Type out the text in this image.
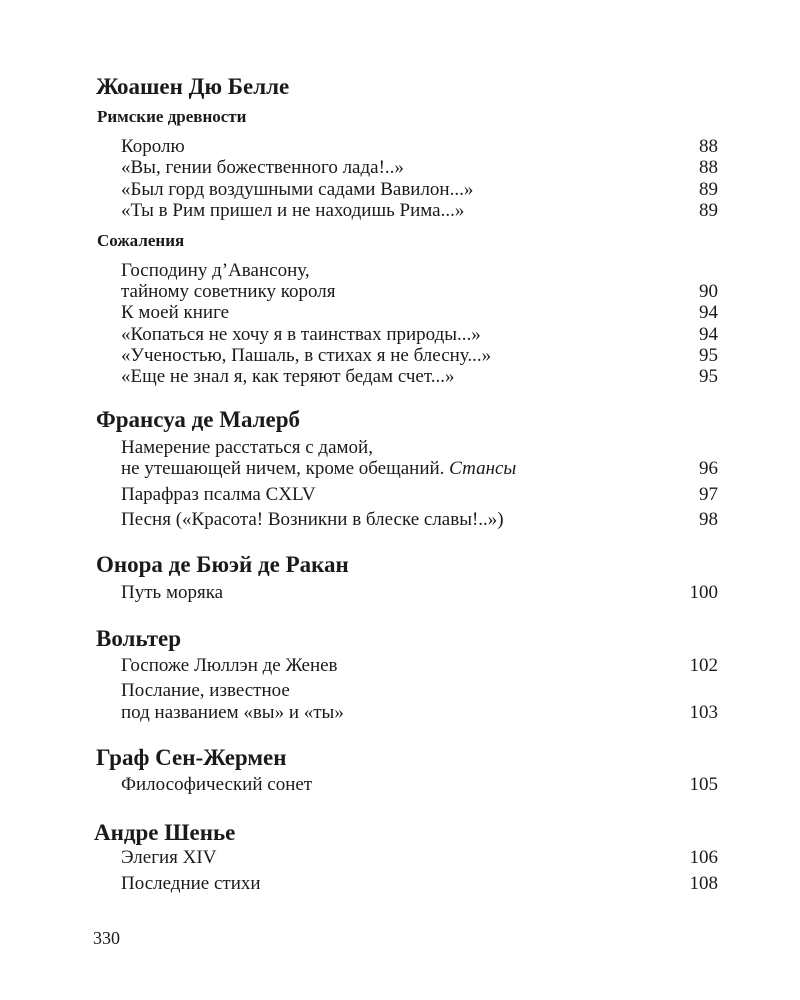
Жоашен Дю Белле
Римские древности
Королю	88
«Вы, гении божественного лада!..»	88
«Был горд воздушными садами Вавилон...»	89
«Ты в Рим пришел и не находишь Рима...»	89
Сожаления
Господину д’Авансону,
тайному советнику короля	90
К моей книге	94
«Копаться не хочу я в таинствах природы...»	94
«Ученостью, Пашаль, в стихах я не блесну...»	95
«Еще не знал я, как теряют бедам счет...»	95
Франсуа де Малерб
Намерение расстаться с дамой,
не утешающей ничем, кроме обещаний. Стансы	96
Парафраз псалма CXLV	97
Песня («Красота! Возникни в блеске славы!..»)	98
Онора де Бюэй де Ракан
Путь моряка	100
Вольтер
Госпоже Люллэн де Женев	102
Послание, известное
под названием «вы» и «ты»	103
Граф Сен-Жермен
Философический сонет	105
Андре Шенье
Элегия XIV	106
Последние стихи	108
330
